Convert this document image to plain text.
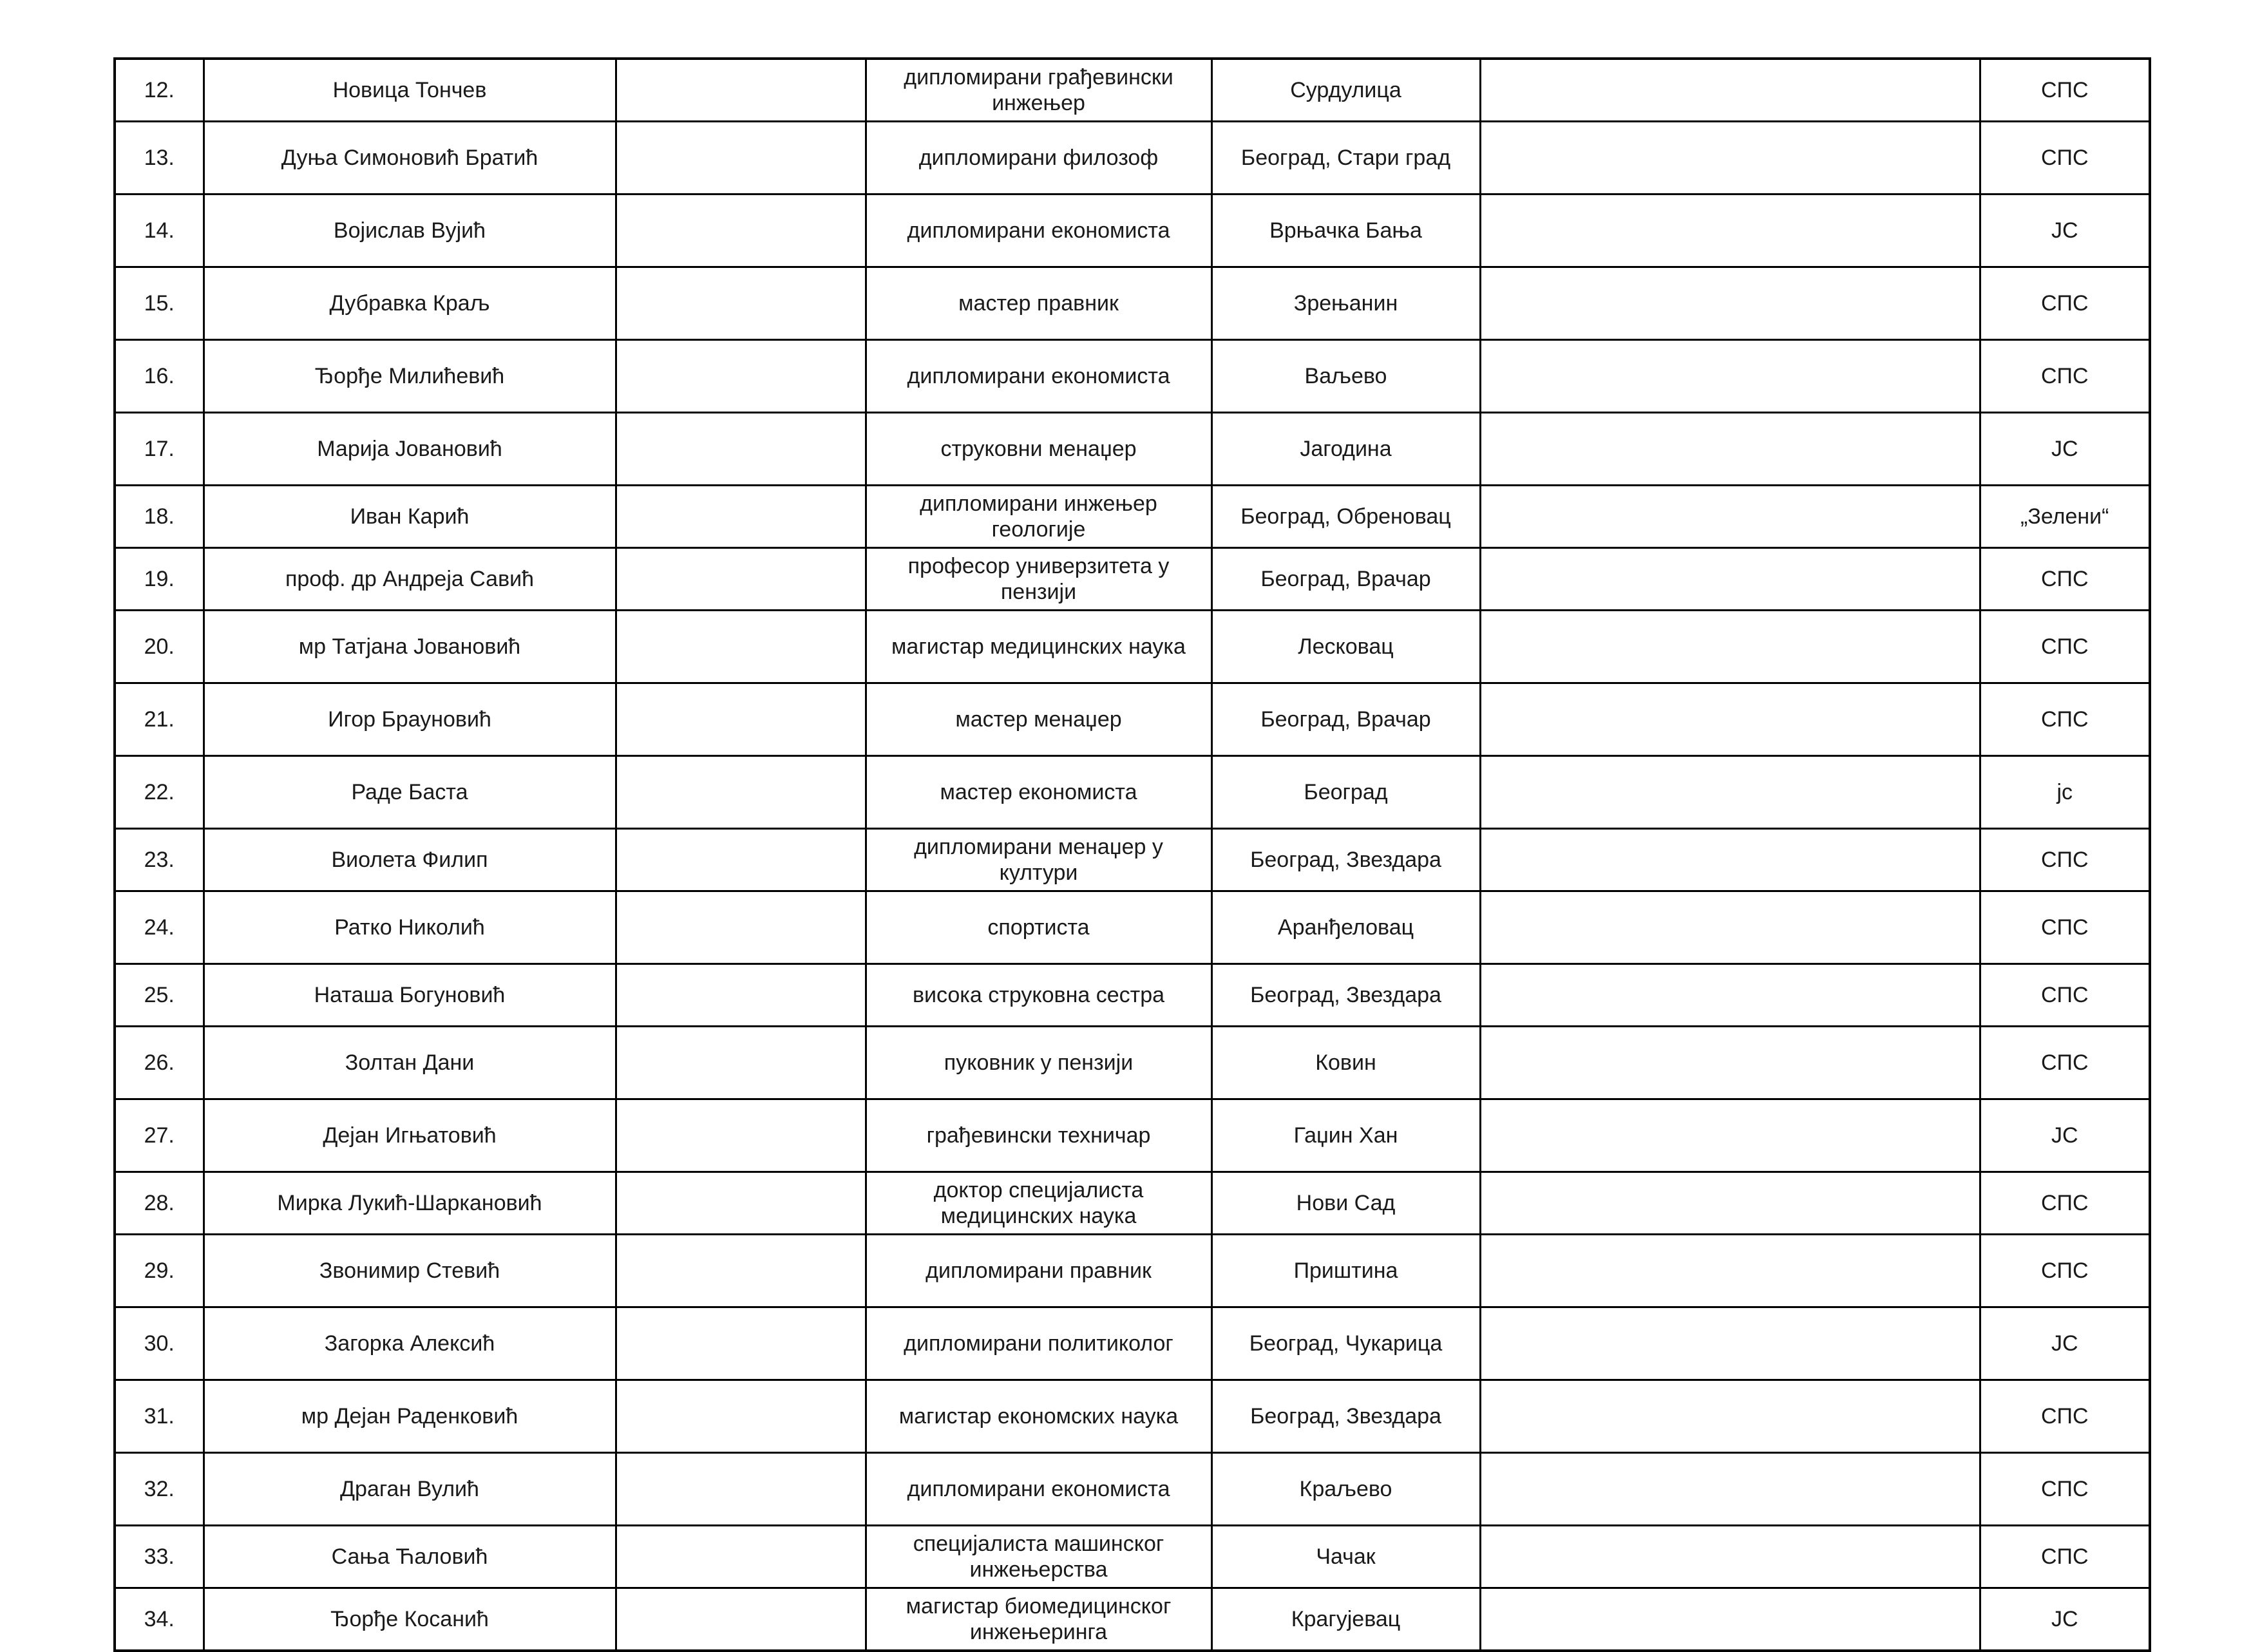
12.	Новица Тончев		дипломирани грађевински инжењер	Сурдулица		СПС
13.	Дуња Симоновић Братић		дипломирани филозоф	Београд, Стари град		СПС
14.	Војислав Вујић		дипломирани економиста	Врњачка Бања		ЈС
15.	Дубравка Краљ		мастер правник	Зрењанин		СПС
16.	Ђорђе Милићевић		дипломирани економиста	Ваљево		СПС
17.	Марија Јовановић		струковни менаџер	Јагодина		ЈС
18.	Иван Карић		дипломирани инжењер геологије	Београд, Обреновац		„Зелени“
19.	проф. др Андреја Савић		професор универзитета у пензији	Београд, Врачар		СПС
20.	мр Татјана Јовановић		магистар медицинских наука	Лесковац		СПС
21.	Игор Брауновић		мастер менаџер	Београд, Врачар		СПС
22.	Раде Баста		мастер економиста	Београд		јс
23.	Виолета Филип		дипломирани менаџер у култури	Београд, Звездара		СПС
24.	Ратко Николић		спортиста	Аранђеловац		СПС
25.	Наташа Богуновић		висока струковна сестра	Београд, Звездара		СПС
26.	Золтан Дани		пуковник у пензији	Ковин		СПС
27.	Дејан Игњатовић		грађевински техничар	Гаџин Хан		ЈС
28.	Мирка Лукић-Шаркановић		доктор специјалиста медицинских наука	Нови Сад		СПС
29.	Звонимир Стевић		дипломирани правник	Приштина		СПС
30.	Загорка Алексић		дипломирани политиколог	Београд, Чукарица		ЈС
31.	мр Дејан Раденковић		магистар економских наука	Београд, Звездара		СПС
32.	Драган Вулић		дипломирани економиста	Краљево		СПС
33.	Сања Ћаловић		специјалиста машинског инжењерства	Чачак		СПС
34.	Ђорђе Косанић		магистар биомедицинског инжењеринга	Крагујевац		ЈС
